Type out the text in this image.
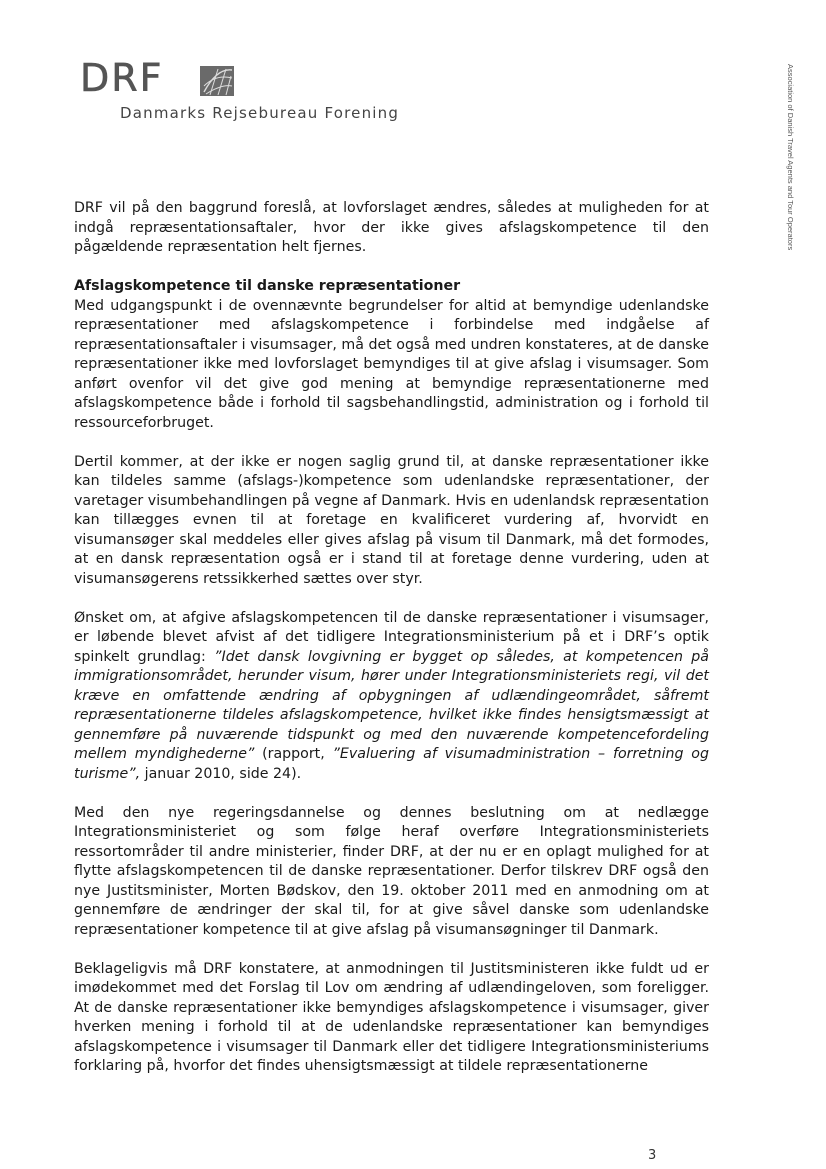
DRF
Danmarks Rejsebureau Forening	Association of Danish Travel Agents and Tour Operators

DRF vil på den baggrund foreslå, at lovforslaget ændres, således at muligheden for at indgå repræsentationsaftaler, hvor der ikke gives afslagskompetence til den pågældende repræsentation helt fjernes.

Afslagskompetence til danske repræsentationer
Med udgangspunkt i de ovennævnte begrundelser for altid at bemyndige udenlandske repræsentationer med afslagskompetence i forbindelse med indgåelse af repræsentationsaftaler i visumsager, må det også med undren konstateres, at de danske repræsentationer ikke med lovforslaget bemyndiges til at give afslag i visumsager. Som anført ovenfor vil det give god mening at bemyndige repræsentationerne med afslagskompetence både i forhold til sagsbehandlingstid, administration og i forhold til ressourceforbruget.

Dertil kommer, at der ikke er nogen saglig grund til, at danske repræsentationer ikke kan tildeles samme (afslags-)kompetence som udenlandske repræsentationer, der varetager visumbehandlingen på vegne af Danmark. Hvis en udenlandsk repræsentation kan tillægges evnen til at foretage en kvalificeret vurdering af, hvorvidt en visumansøger skal meddeles eller gives afslag på visum til Danmark, må det formodes, at en dansk repræsentation også er i stand til at foretage denne vurdering, uden at visumansøgerens retssikkerhed sættes over styr.

Ønsket om, at afgive afslagskompetencen til de danske repræsentationer i visumsager, er løbende blevet afvist af det tidligere Integrationsministerium på et i DRF’s optik spinkelt grundlag: ”Idet dansk lovgivning er bygget op således, at kompetencen på immigrationsområdet, herunder visum, hører under Integrationsministeriets regi, vil det kræve en omfattende ændring af opbygningen af udlændingeområdet, såfremt repræsentationerne tildeles afslagskompetence, hvilket ikke findes hensigtsmæssigt at gennemføre på nuværende tidspunkt og med den nuværende kompetencefordeling mellem myndighederne” (rapport, ”Evaluering af visumadministration – forretning og turisme”, januar 2010, side 24).

Med den nye regeringsdannelse og dennes beslutning om at nedlægge Integrationsministeriet og som følge heraf overføre Integrationsministeriets ressortområder til andre ministerier, finder DRF, at der nu er en oplagt mulighed for at flytte afslagskompetencen til de danske repræsentationer. Derfor tilskrev DRF også den nye Justitsminister, Morten Bødskov, den 19. oktober 2011 med en anmodning om at gennemføre de ændringer der skal til, for at give såvel danske som udenlandske repræsentationer kompetence til at give afslag på visumansøgninger til Danmark.

Beklageligvis må DRF konstatere, at anmodningen til Justitsministeren ikke fuldt ud er imødekommet med det Forslag til Lov om ændring af udlændingeloven, som foreligger. At de danske repræsentationer ikke bemyndiges afslagskompetence i visumsager, giver hverken mening i forhold til at de udenlandske repræsentationer kan bemyndiges afslagskompetence i visumsager til Danmark eller det tidligere Integrationsministeriums forklaring på, hvorfor det findes uhensigtsmæssigt at tildele repræsentationerne

3
